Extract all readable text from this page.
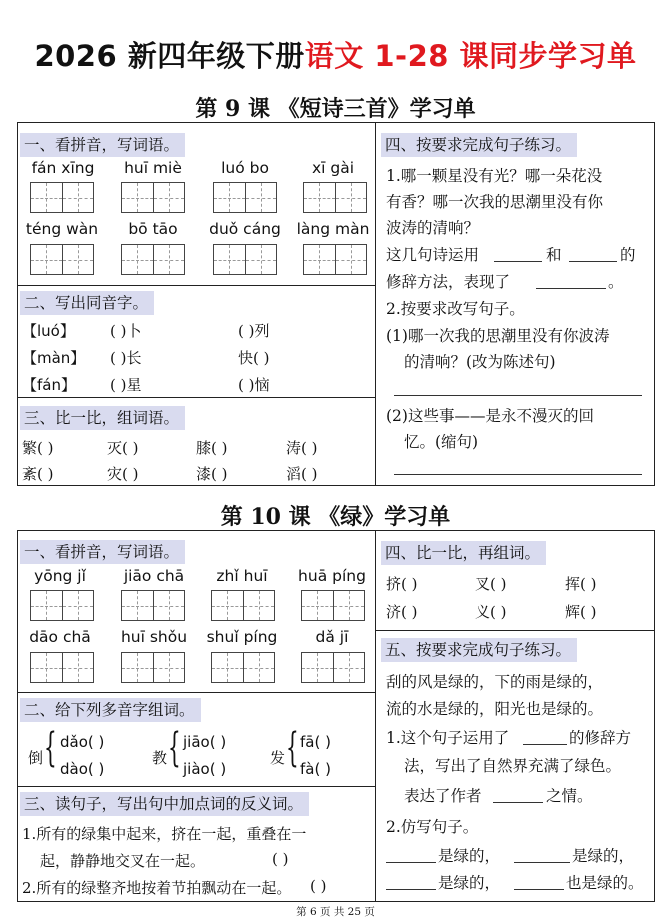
2026 新四年级下册语文 1-28 课同步学习单
第 9 课 《短诗三首》学习单
一、看拼音，写词语。
fán xīng	huī miè	luó bo	xī gài
téng wàn	bō tāo	duǒ cáng	làng màn
二、写出同音字。
【luó】 ( )卜	( )列
【màn】 ( )长	快( )
【fán】 ( )星	( )恼
三、比一比，组词语。
繁( )	灭( )	膝( )	涛( )
紊( )	灾( )	漆( )	滔( )
四、按要求完成句子练习。
1.哪一颗星没有光？哪一朵花没
有香？哪一次我的思潮里没有你
波涛的清响？
这几句诗运用	和	的
修辞方法，表现了	。
2.按要求改写句子。
(1)哪一次我的思潮里没有你波涛
的清响？(改为陈述句)
(2)这些事——是永不漫灭的回
忆。(缩句)
第 10 课 《绿》学习单
一、看拼音，写词语。
yōng jǐ	jiāo chā	zhǐ huī	huā píng
dāo chā	huī shǒu	shuǐ píng	dǎ jī
二、给下列多音字组词。
倒 { dǎo( )
dào( )
教 { jiāo( )
jiào( )
发 { fā( )
fà( )
三、读句子，写出句中加点词的反义词。
1.所有的绿集中起来，挤在一起，重叠在一
起，静静地交叉在一起。	( )
2.所有的绿整齐地按着节拍飘动在一起。 ( )
四、比一比，再组词。
挤( )	叉( )	挥( )
济( )	义( )	辉( )
五、按要求完成句子练习。
刮的风是绿的，下的雨是绿的，
流的水是绿的，阳光也是绿的。
1.这个句子运用了	的修辞方
法，写出了自然界充满了绿色。
表达了作者	之情。
2.仿写句子。
是绿的，	是绿的，
是绿的，	也是绿的。
第 6 页 共 25 页
